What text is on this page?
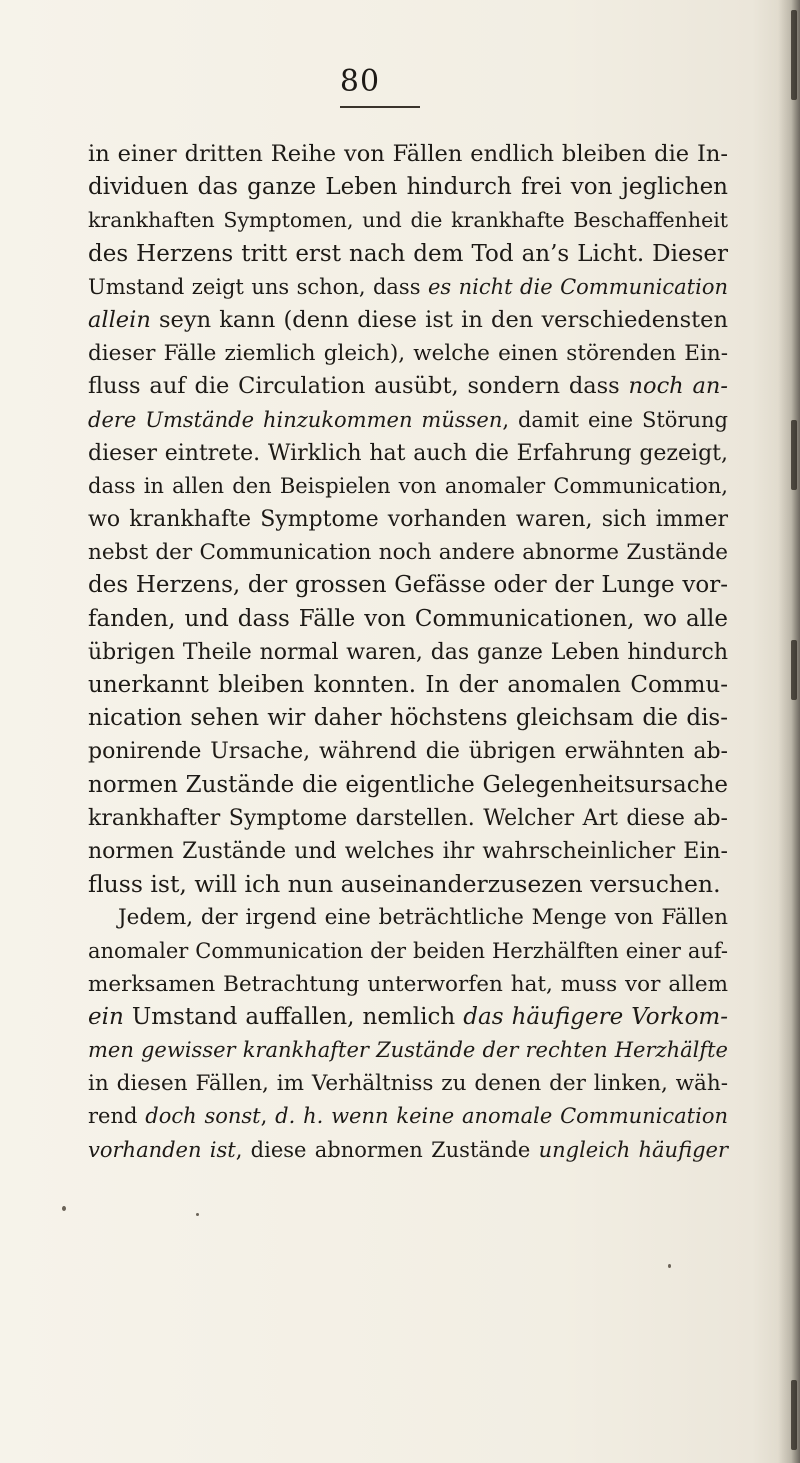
80
in einer dritten Reihe von Fällen endlich bleiben die In-
dividuen das ganze Leben hindurch frei von jeglichen
krankhaften Symptomen, und die krankhafte Beschaffenheit
des Herzens tritt erst nach dem Tod an’s Licht. Dieser
Umstand zeigt uns schon, dass es nicht die Communication
allein seyn kann (denn diese ist in den verschiedensten
dieser Fälle ziemlich gleich), welche einen störenden Ein-
fluss auf die Circulation ausübt, sondern dass noch an-
dere Umstände hinzukommen müssen, damit eine Störung
dieser eintrete. Wirklich hat auch die Erfahrung gezeigt,
dass in allen den Beispielen von anomaler Communication,
wo krankhafte Symptome vorhanden waren, sich immer
nebst der Communication noch andere abnorme Zustände
des Herzens, der grossen Gefässe oder der Lunge vor-
fanden, und dass Fälle von Communicationen, wo alle
übrigen Theile normal waren, das ganze Leben hindurch
unerkannt bleiben konnten. In der anomalen Commu-
nication sehen wir daher höchstens gleichsam die dis-
ponirende Ursache, während die übrigen erwähnten ab-
normen Zustände die eigentliche Gelegenheitsursache
krankhafter Symptome darstellen. Welcher Art diese ab-
normen Zustände und welches ihr wahrscheinlicher Ein-
fluss ist, will ich nun auseinanderzusezen versuchen.
Jedem, der irgend eine beträchtliche Menge von Fällen
anomaler Communication der beiden Herzhälften einer auf-
merksamen Betrachtung unterworfen hat, muss vor allem
ein Umstand auffallen, nemlich das häufigere Vorkom-
men gewisser krankhafter Zustände der rechten Herzhälfte
in diesen Fällen, im Verhältniss zu denen der linken, wäh-
rend doch sonst, d. h. wenn keine anomale Communication
vorhanden ist, diese abnormen Zustände ungleich häufiger
